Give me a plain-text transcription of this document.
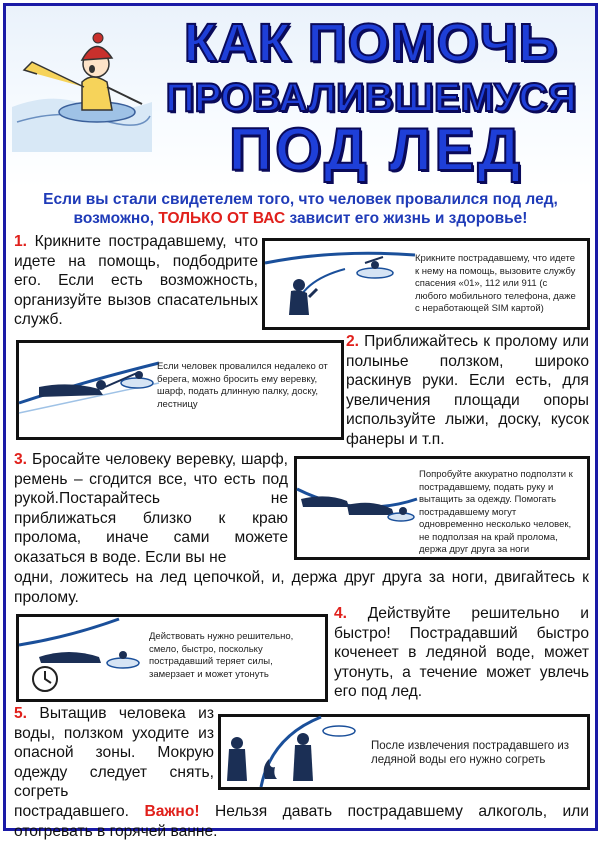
КАК ПОМОЧЬ
ПРОВАЛИВШЕМУСЯ
ПОД ЛЕД
Если вы стали свидетелем того, что человек провалился под лед, возможно, ТОЛЬКО ОТ ВАС зависит его жизнь и здоровье!
1. Крикните пострадавшему, что идете на помощь, подбодрите его. Если есть возможность, организуйте вызов спасательных служб.
Крикните пострадавшему, что идете к нему на помощь, вызовите службу спасения «01», 112 или 911 (с любого мобильного телефона, даже с неработающей SIM картой)
Если человек провалился недалеко от берега, можно бросить ему веревку, шарф, подать длинную палку, доску, лестницу
2. Приближайтесь к пролому или полынье ползком, широко раскинув руки. Если есть, для увеличения площади опоры используйте лыжи, доску, кусок фанеры и т.п.
3. Бросайте человеку веревку, шарф, ремень – сгодится все, что есть под рукой.Постарайтесь не приближаться близко к краю пролома, иначе сами можете оказаться в воде. Если вы не
Попробуйте аккуратно подползти к пострадавшему, подать руку и вытащить за одежду. Помогать пострадавшему могут одновременно несколько человек, не подползая на край пролома, держа друг друга за ноги
одни, ложитесь на лед цепочкой, и, держа друг друга за ноги, двигайтесь к пролому.
Действовать нужно решительно, смело, быстро, поскольку пострадавший теряет силы, замерзает и может утонуть
4. Действуйте решительно и быстро! Пострадавший быстро коченеет в ледяной воде, может утонуть, а течение может увлечь его под лед.
5. Вытащив человека из воды, ползком уходите из опасной зоны. Мокрую одежду следует снять, согреть
После извлечения пострадавшего из ледяной воды его нужно согреть
пострадавшего. Важно! Нельзя давать пострадавшему алкоголь, или отогревать в горячей ванне.
